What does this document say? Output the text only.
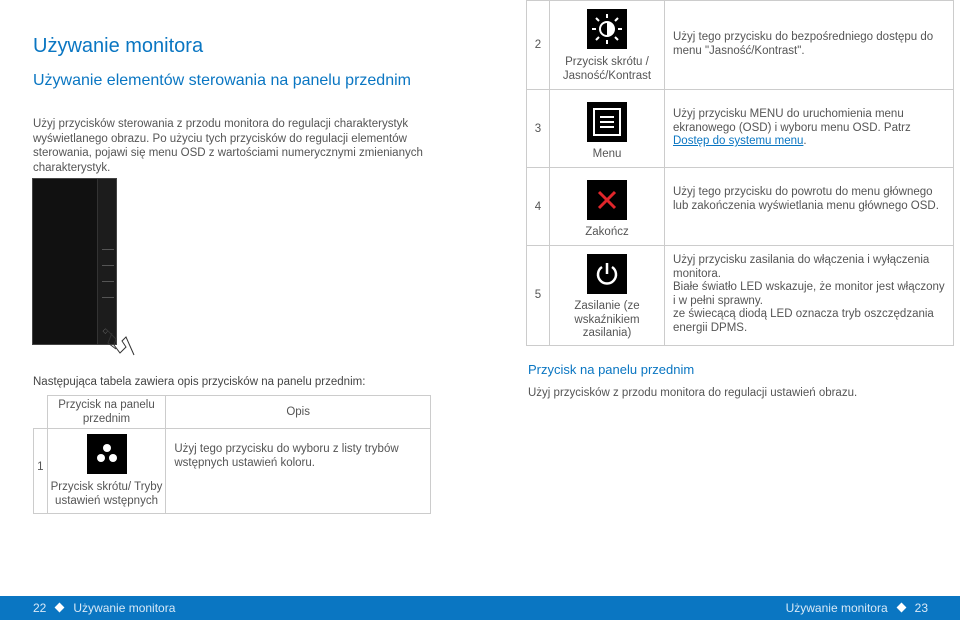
Używanie monitora
Używanie elementów sterowania na panelu przednim
Użyj przycisków sterowania z przodu monitora do regulacji charakterystyk wyświetlanego obrazu. Po użyciu tych przycisków do regulacji elementów sterowania, pojawi się menu OSD z wartościami numerycznymi zmienianych charakterystyk.
◇
Następująca tabela zawiera opis przycisków na panelu przednim:
	Przycisk na panelu przednim	Opis
1	Przycisk skrótu/ Tryby ustawień wstępnych	Użyj tego przycisku do wyboru z listy trybów wstępnych ustawień koloru.
2	Przycisk skrótu / Jasność/Kontrast	Użyj tego przycisku do bezpośredniego dostępu do menu "Jasność/Kontrast".
3	Menu	Użyj przycisku MENU do uruchomienia menu ekranowego (OSD) i wyboru menu OSD. Patrz Dostęp do systemu menu.
4	Zakończ	Użyj tego przycisku do powrotu do menu głównego lub zakończenia wyświetlania menu głównego OSD.
5	Zasilanie (ze wskaźnikiem zasilania)	Użyj przycisku zasilania do włączenia i wyłączenia monitora.
Białe światło LED wskazuje, że monitor jest włączony i w pełni sprawny.
ze świecącą diodą LED oznacza tryb oszczędzania energii DPMS.
Przycisk na panelu przednim
Użyj przycisków z przodu monitora do regulacji ustawień obrazu.
22 Używanie monitora	Używanie monitora 23
